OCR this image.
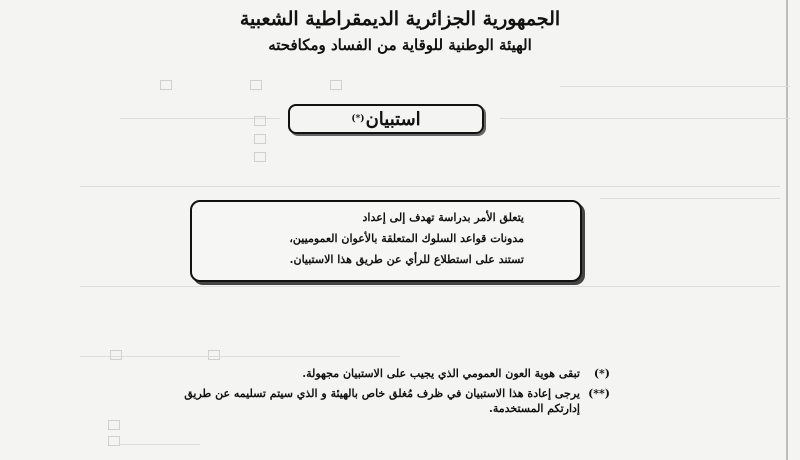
الجمهورية الجزائرية الديمقراطية الشعبية
الهيئة الوطنية للوقاية من الفساد ومكافحته
استبيان
(*)
يتعلق الأمر بدراسة تهدف إلى إعداد
مدونات قواعد السلوك المتعلقة بالأعوان العموميين،
تستند على استطلاع للرأي عن طريق هذا الاستبيان.
(*)
تبقى هوية العون العمومي الذي يجيب على الاستبيان مجهولة.
(**)
يرجى إعادة هذا الاستبيان في ظرف مُغلق خاص بالهيئة و الذي سيتم تسليمه عن طريق إدارتكم المستخدمة.
